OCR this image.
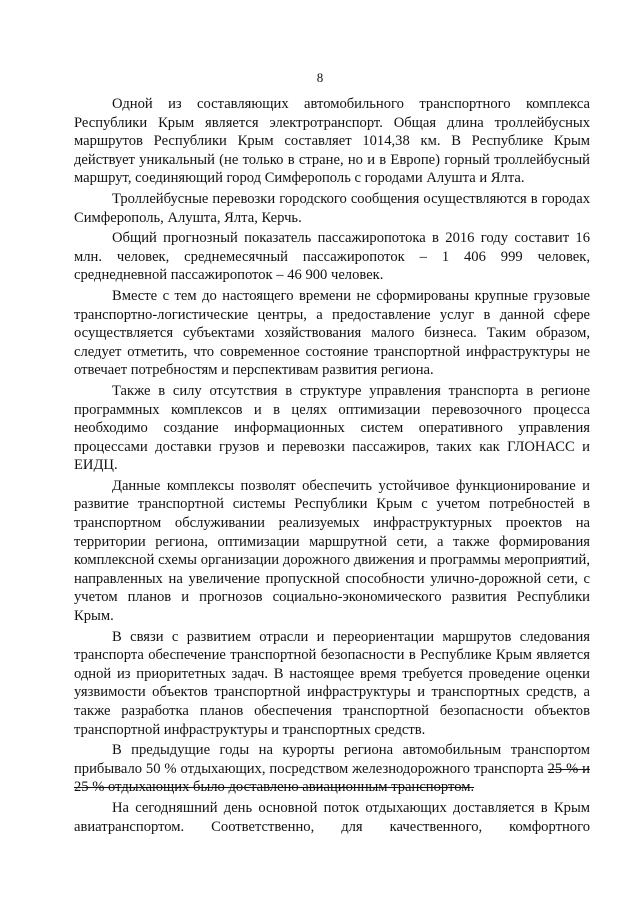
8

Одной из составляющих автомобильного транспортного комплекса Республики Крым является электротранспорт. Общая длина троллейбусных маршрутов Республики Крым составляет 1014,38 км. В Республике Крым действует уникальный (не только в стране, но и в Европе) горный троллейбусный маршрут, соединяющий город Симферополь с городами Алушта и Ялта.

Троллейбусные перевозки городского сообщения осуществляются в городах Симферополь, Алушта, Ялта, Керчь.

Общий прогнозный показатель пассажиропотока в 2016 году составит 16 млн. человек, среднемесячный пассажиропоток – 1 406 999 человек, среднедневной пассажиропоток – 46 900 человек.

Вместе с тем до настоящего времени не сформированы крупные грузовые транспортно-логистические центры, а предоставление услуг в данной сфере осуществляется субъектами хозяйствования малого бизнеса. Таким образом, следует отметить, что современное состояние транспортной инфраструктуры не отвечает потребностям и перспективам развития региона.

Также в силу отсутствия в структуре управления транспорта в регионе программных комплексов и в целях оптимизации перевозочного процесса необходимо создание информационных систем оперативного управления процессами доставки грузов и перевозки пассажиров, таких как ГЛОНАСС и ЕИДЦ.

Данные комплексы позволят обеспечить устойчивое функционирование и развитие транспортной системы Республики Крым с учетом потребностей в транспортном обслуживании реализуемых инфраструктурных проектов на территории региона, оптимизации маршрутной сети, а также формирования комплексной схемы организации дорожного движения и программы мероприятий, направленных на увеличение пропускной способности улично-дорожной сети, с учетом планов и прогнозов социально-экономического развития Республики Крым.

В связи с развитием отрасли и переориентации маршрутов следования транспорта обеспечение транспортной безопасности в Республике Крым является одной из приоритетных задач. В настоящее время требуется проведение оценки уязвимости объектов транспортной инфраструктуры и транспортных средств, а также разработка планов обеспечения транспортной безопасности объектов транспортной инфраструктуры и транспортных средств.

В предыдущие годы на курорты региона автомобильным транспортом прибывало 50 % отдыхающих, посредством железнодорожного транспорта 25 % и 25 % отдыхающих было доставлено авиационным транспортом.

На сегодняшний день основной поток отдыхающих доставляется в Крым авиатранспортом. Соответственно, для качественного, комфортного
